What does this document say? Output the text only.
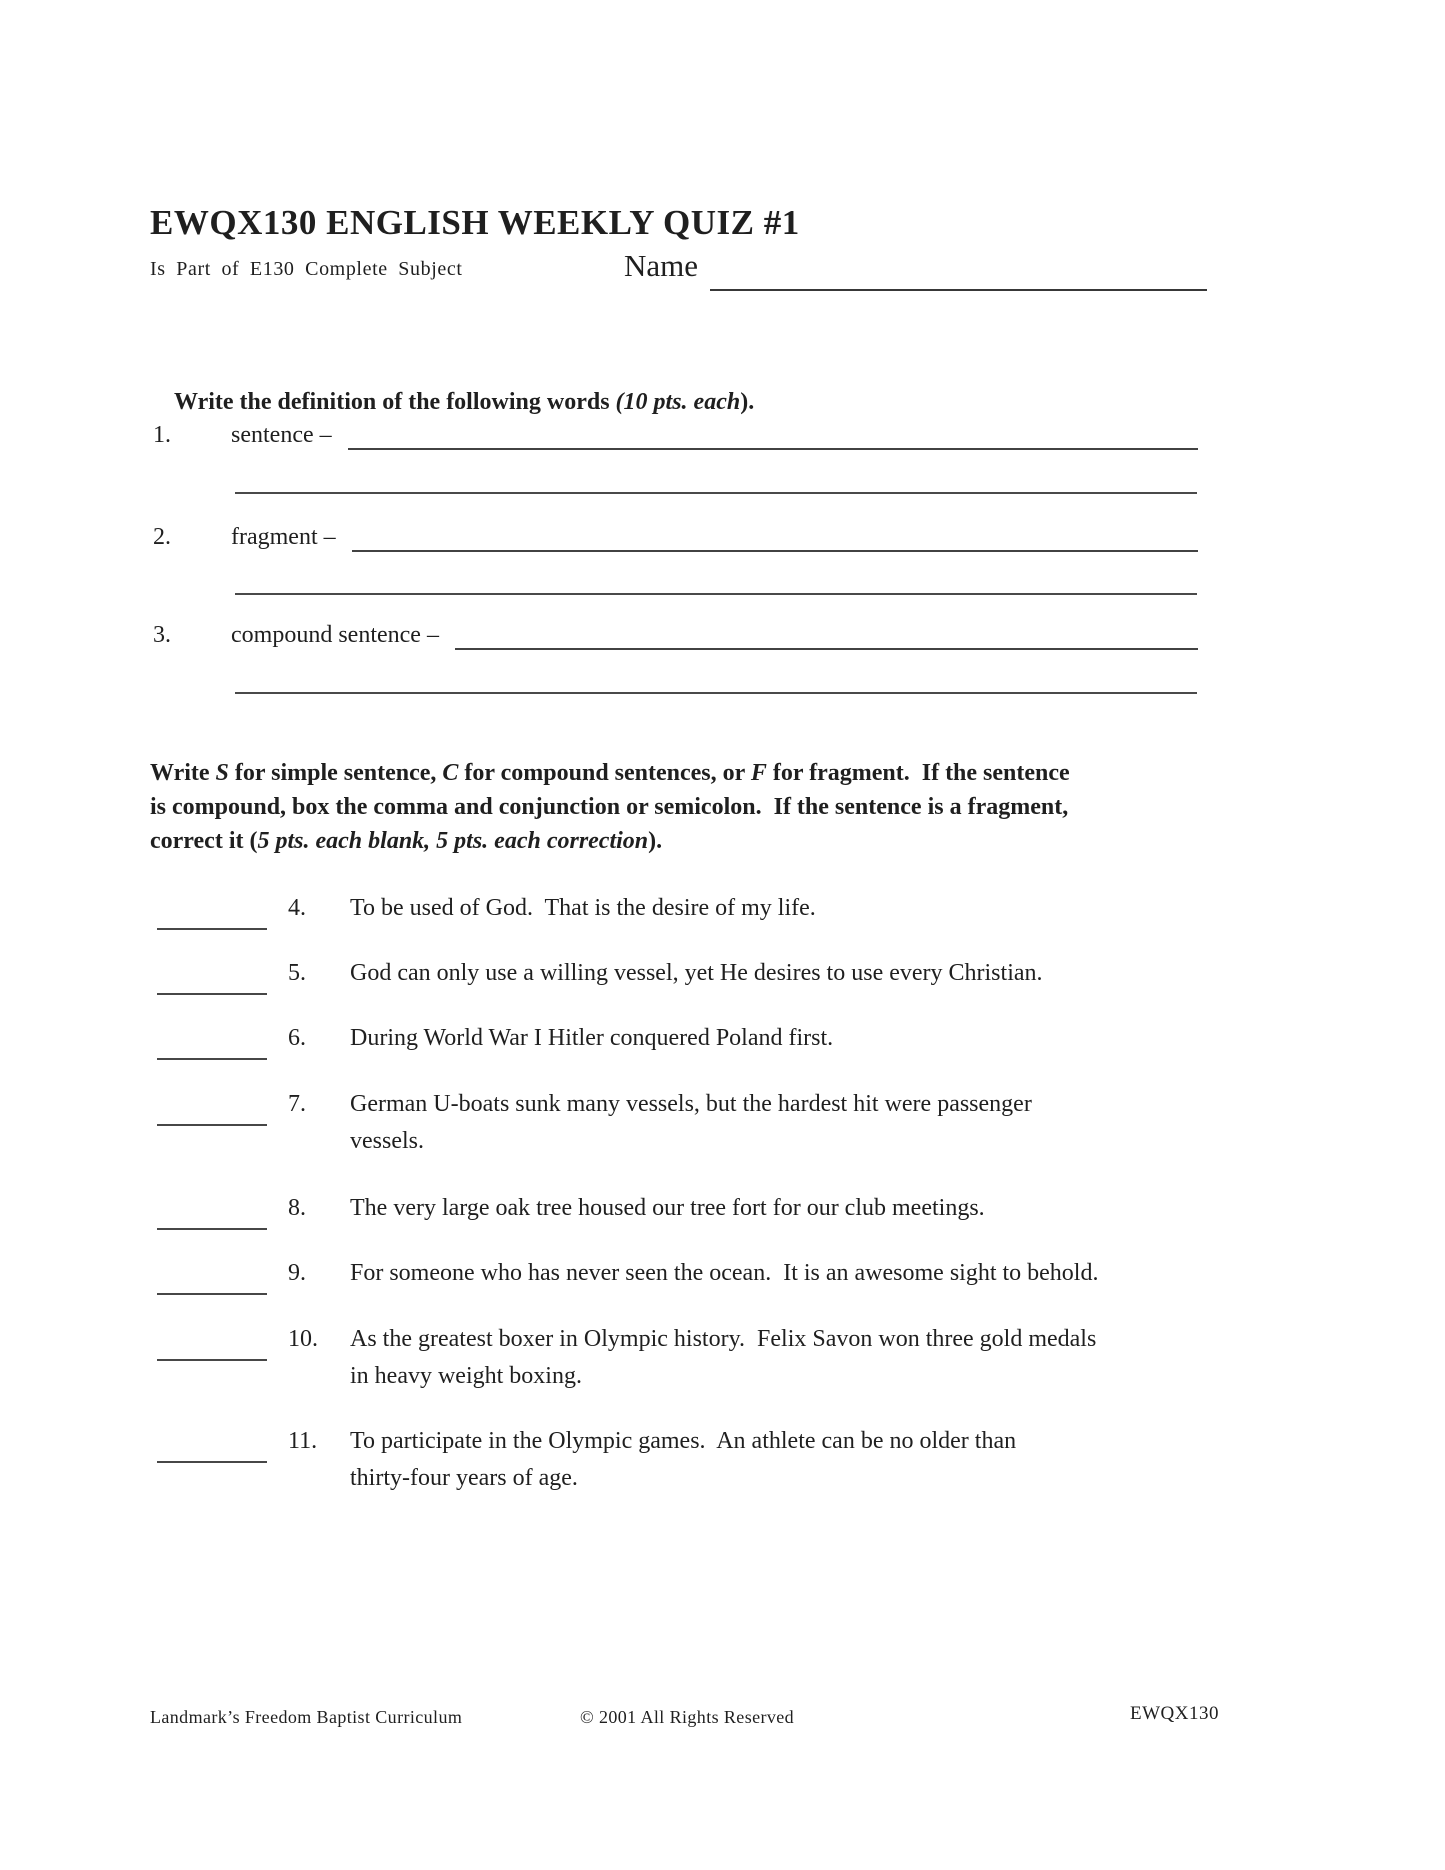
EWQX130 ENGLISH WEEKLY QUIZ #1
Is Part of E130 Complete Subject	Name

Write the definition of the following words (10 pts. each).

1.	sentence –
2.	fragment –
3.	compound sentence –
Write S for simple sentence, C for compound sentences, or F for fragment.  If the sentence
is compound, box the comma and conjunction or semicolon.  If the sentence is a fragment,
correct it (5 pts. each blank, 5 pts. each correction).
4.	To be used of God.  That is the desire of my life.
5.	God can only use a willing vessel, yet He desires to use every Christian.
6.	During World War I Hitler conquered Poland first.
7.	German U-boats sunk many vessels, but the hardest hit were passenger
vessels.
8.	The very large oak tree housed our tree fort for our club meetings.
9.	For someone who has never seen the ocean.  It is an awesome sight to behold.
10.	As the greatest boxer in Olympic history.  Felix Savon won three gold medals
in heavy weight boxing.
11.	To participate in the Olympic games.  An athlete can be no older than
thirty-four years of age.
Landmark’s Freedom Baptist Curriculum	© 2001 All Rights Reserved	EWQX130
